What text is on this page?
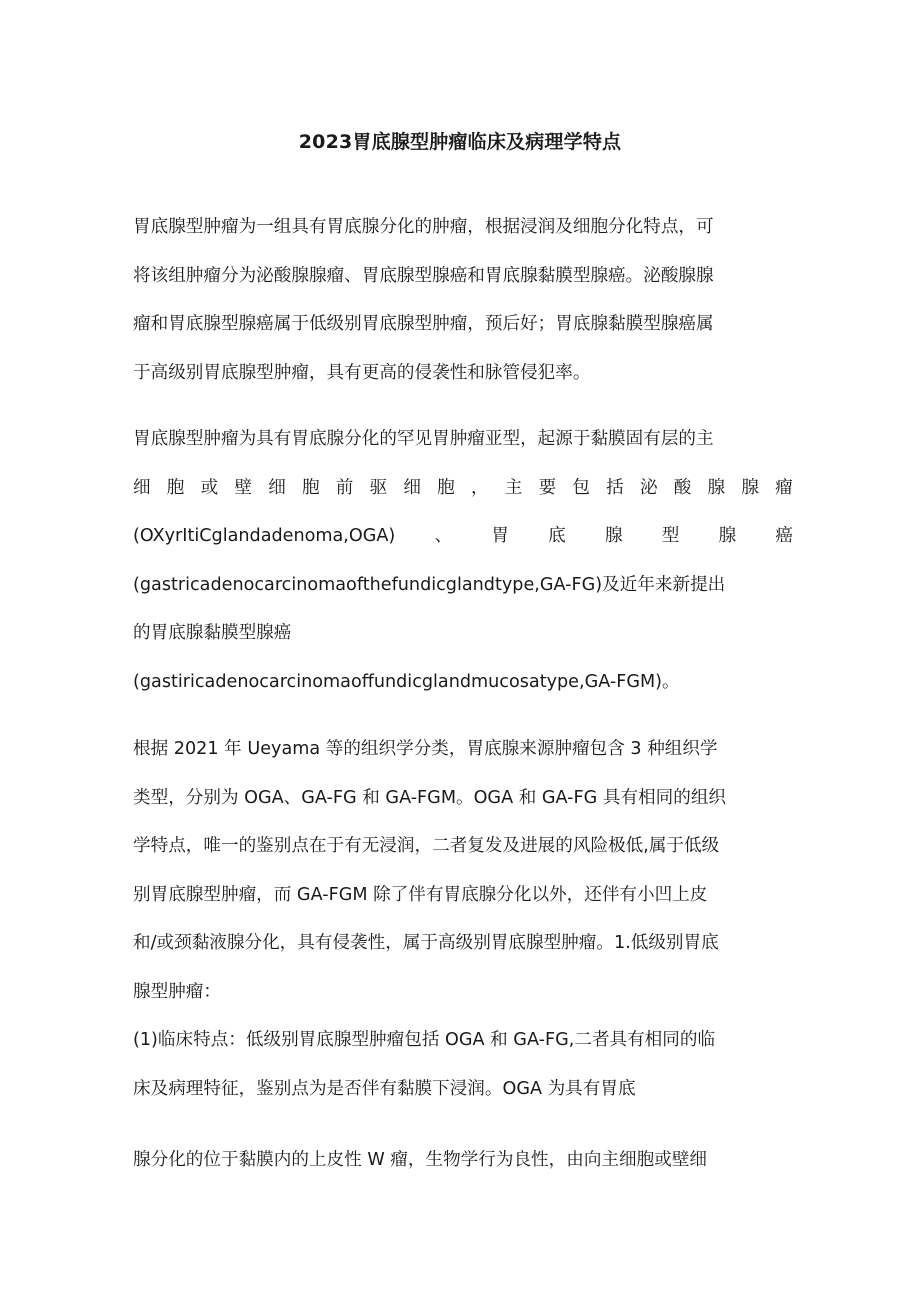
2023胃底腺型肿瘤临床及病理学特点
胃底腺型肿瘤为一组具有胃底腺分化的肿瘤，根据浸润及细胞分化特点，可
将该组肿瘤分为泌酸腺腺瘤、胃底腺型腺癌和胃底腺黏膜型腺癌。泌酸腺腺
瘤和胃底腺型腺癌属于低级别胃底腺型肿瘤，预后好；胃底腺黏膜型腺癌属
于高级别胃底腺型肿瘤，具有更高的侵袭性和脉管侵犯率。
胃底腺型肿瘤为具有胃底腺分化的罕见胃肿瘤亚型，起源于黏膜固有层的主
细 胞 或 壁 细 胞 前 驱 细 胞 ， 主 要 包 括 泌 酸 腺 腺 瘤
(OXyrItiCglandadenoma,OGA) 、 胃 底 腺 型 腺 癌
(gastricadenocarcinomaofthefundicglandtype,GA-FG)及近年来新提出
的胃底腺黏膜型腺癌
(gastiricadenocarcinomaoffundicglandmucosatype,GA-FGM)。
根据 2021 年 Ueyama 等的组织学分类，胃底腺来源肿瘤包含 3 种组织学
类型，分别为 OGA、GA-FG 和 GA-FGM。OGA 和 GA-FG 具有相同的组织
学特点，唯一的鉴别点在于有无浸润，二者复发及进展的风险极低,属于低级
别胃底腺型肿瘤，而 GA-FGM 除了伴有胃底腺分化以外，还伴有小凹上皮
和/或颈黏液腺分化，具有侵袭性，属于高级别胃底腺型肿瘤。1.低级别胃底
腺型肿瘤：
(1)临床特点：低级别胃底腺型肿瘤包括 OGA 和 GA-FG,二者具有相同的临
床及病理特征，鉴别点为是否伴有黏膜下浸润。OGA 为具有胃底
腺分化的位于黏膜内的上皮性 W 瘤，生物学行为良性，由向主细胞或壁细
